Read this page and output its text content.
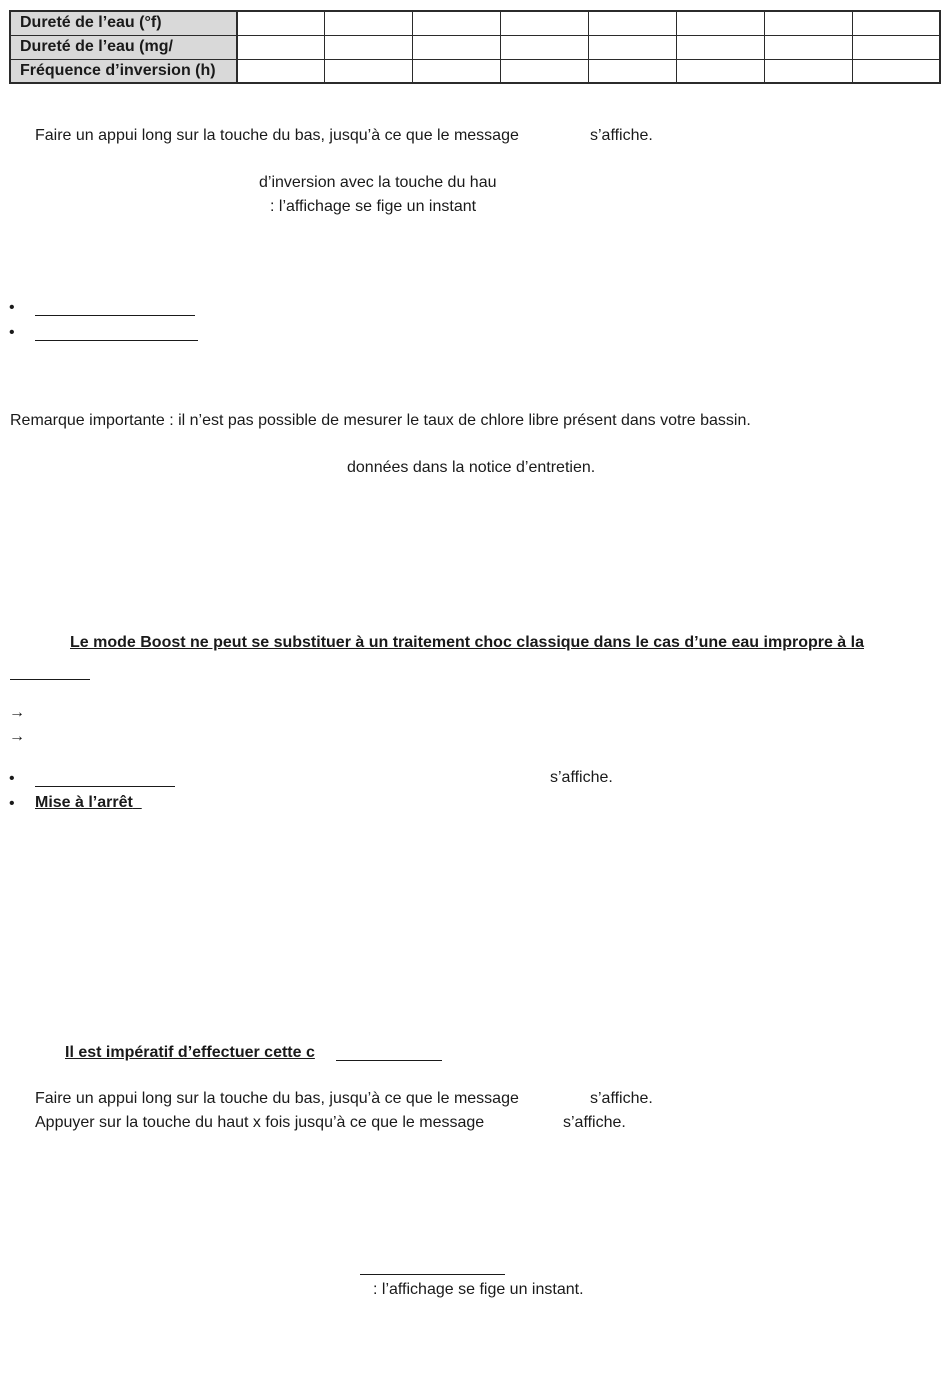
Dureté de l’eau (°f)								
Dureté de l’eau (mg/								
Fréquence d’inversion (h)								
Faire un appui long sur la touche du bas, jusqu’à ce que le message	s’affiche.
d’inversion avec la touche du hau
: l’affichage se fige un instant
•
•
Remarque importante : il n’est pas possible de mesurer le taux de chlore libre présent dans votre bassin.
données dans la notice d’entretien.
Le mode Boost ne peut se substituer à un traitement choc classique dans le cas d’une eau impropre à la
→
→
•	s’affiche.
• Mise à l’arrêt
Il est impératif d’effectuer cette c
Faire un appui long sur la touche du bas, jusqu’à ce que le message	s’affiche.
Appuyer sur la touche du haut x fois jusqu’à ce que le message	s’affiche.
: l’affichage se fige un instant.
